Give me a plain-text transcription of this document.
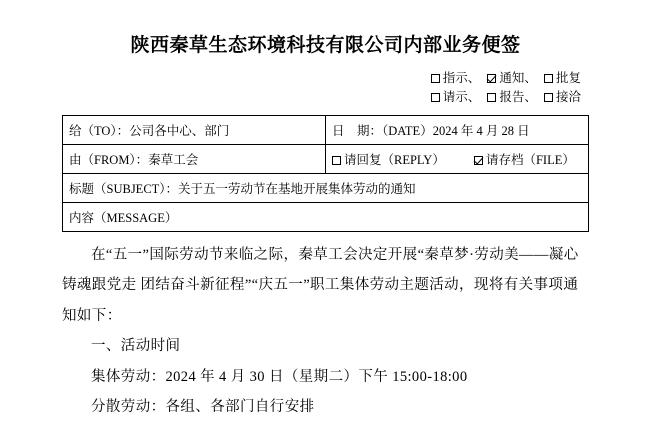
陕西秦草生态环境科技有限公司内部业务便签
指示、 通知、 批复
请示、 报告、 接洽
给（TO）：公司各中心、部门	日　期：（DATE）2024 年 4 月 28 日
由（FROM）：秦草工会	请回复（REPLY） 请存档（FILE）
标题（SUBJECT）：关于五一劳动节在基地开展集体劳动的通知	
内容（MESSAGE）	

在“五一”国际劳动节来临之际，秦草工会决定开展“秦草梦·劳动美——凝心铸魂跟党走 团结奋斗新征程”“庆五一”职工集体劳动主题活动，现将有关事项通知如下：

一、活动时间

集体劳动：2024 年 4 月 30 日（星期二）下午 15:00-18:00

分散劳动：各组、各部门自行安排
